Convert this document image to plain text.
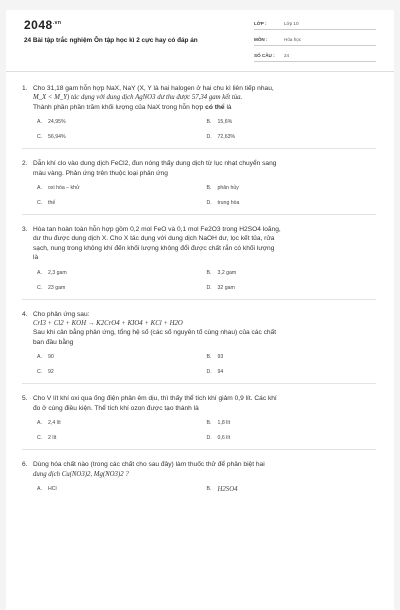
$2048^{.vn}$
24 Bài tập trắc nghiệm Ôn tập học kì 2 cực hay có đáp án
LỚP :	Lớp 10
MÔN :	Hóa học
SỐ CÂU :	24
1. Cho 31,18 gam hỗn hợp NaX, NaY (X, Y là hai halogen ở hai chu kì liên tiếp nhau,
M_X < M_Y) tác dụng với dung dịch AgNO3 dư thu được 57,34 gam kết tủa.
Thành phần phần trăm khối lượng của NaX trong hỗn hợp có thể là
A.	24,95%	B.	15,6%
C.	56,94%	D.	72,63%
2. Dẫn khí clo vào dung dịch FeCl2, đun nóng thấy dung dịch từ lục nhạt chuyển sang
màu vàng. Phản ứng trên thuộc loại phản ứng
A.	oxi hóa – khử	B.	phân hủy
C.	thế	D.	trung hòa
3. Hòa tan hoàn toàn hỗn hợp gồm 0,2 mol FeO và 0,1 mol Fe2O3 trong H2SO4 loãng,
dư thu được dung dịch X. Cho X tác dụng với dung dịch NaOH dư, lọc kết tủa, rửa
sạch, nung trong không khí đến khối lượng không đổi được chất rắn có khối lượng
là
A.	2,3 gam	B.	3,2 gam
C.	23 gam	D.	32 gam
4. Cho phản ứng sau:
CrI3 + Cl2 + KOH → K2CrO4 + KIO4 + KCl + H2O
Sau khi cân bằng phản ứng, tổng hệ số (các số nguyên tố cùng nhau) của các chất
ban đầu bằng
A.	90	B.	93
C.	92	D.	94
5. Cho V lít khí oxi qua ống điện phân êm dịu, thì thấy thể tích khí giảm 0,9 lít. Các khí
đo ở cùng điều kiện. Thể tích khí ozon được tạo thành là
A.	2,4 lít	B.	1,8 lít
C.	2 lít	D.	0,6 lít
6. Dùng hóa chất nào (trong các chất cho sau đây) làm thuốc thử để phân biệt hai
dung dịch Cu(NO3)2, Mg(NO3)2 ?
A.	HCl	B. H2SO4
